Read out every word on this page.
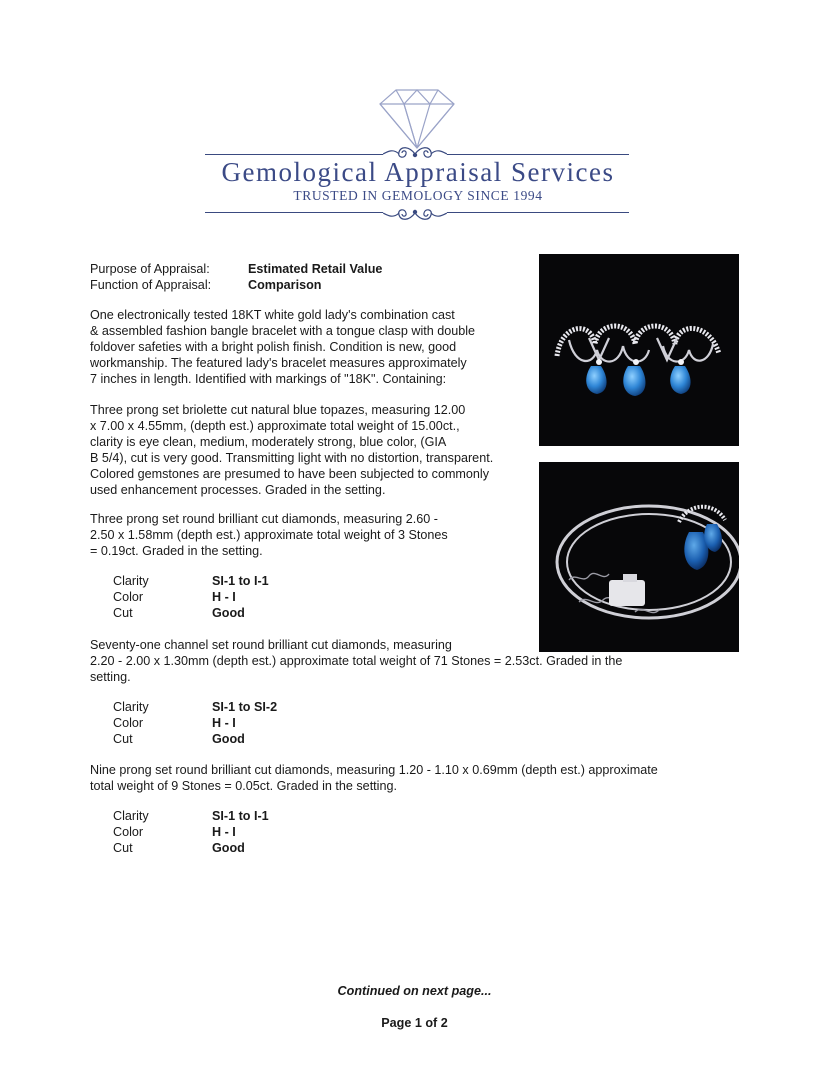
Gemological Appraisal Services
TRUSTED IN GEMOLOGY SINCE 1994
Purpose of Appraisal:	Estimated Retail Value
Function of Appraisal:	Comparison
One electronically tested 18KT white gold lady's combination cast
& assembled fashion bangle bracelet with a tongue clasp with double
foldover safeties with a bright polish finish. Condition is new, good
workmanship. The featured lady's bracelet measures approximately
7 inches in length. Identified with markings of "18K". Containing:
Three prong set briolette cut natural blue topazes, measuring 12.00
x 7.00 x 4.55mm, (depth est.) approximate total weight of 15.00ct.,
clarity is eye clean, medium, moderately strong, blue color, (GIA
B 5/4), cut is very good. Transmitting light with no distortion, transparent.
Colored gemstones are presumed to have been subjected to commonly
used enhancement processes. Graded in the setting.
Three prong set round brilliant cut diamonds, measuring 2.60 -
2.50 x 1.58mm (depth est.) approximate total weight of 3 Stones
= 0.19ct. Graded in the setting.
Clarity	SI-1 to I-1
Color	H - I
Cut	Good
Seventy-one channel set round brilliant cut diamonds, measuring
2.20 - 2.00 x 1.30mm (depth est.) approximate total weight of 71 Stones = 2.53ct. Graded in the
setting.
Clarity	SI-1 to SI-2
Color	H - I
Cut	Good
Nine prong set round brilliant cut diamonds, measuring 1.20 - 1.10 x 0.69mm (depth est.) approximate
total weight of 9 Stones = 0.05ct. Graded in the setting.
Clarity	SI-1 to I-1
Color	H - I
Cut	Good
Continued on next page...
Page 1 of 2
